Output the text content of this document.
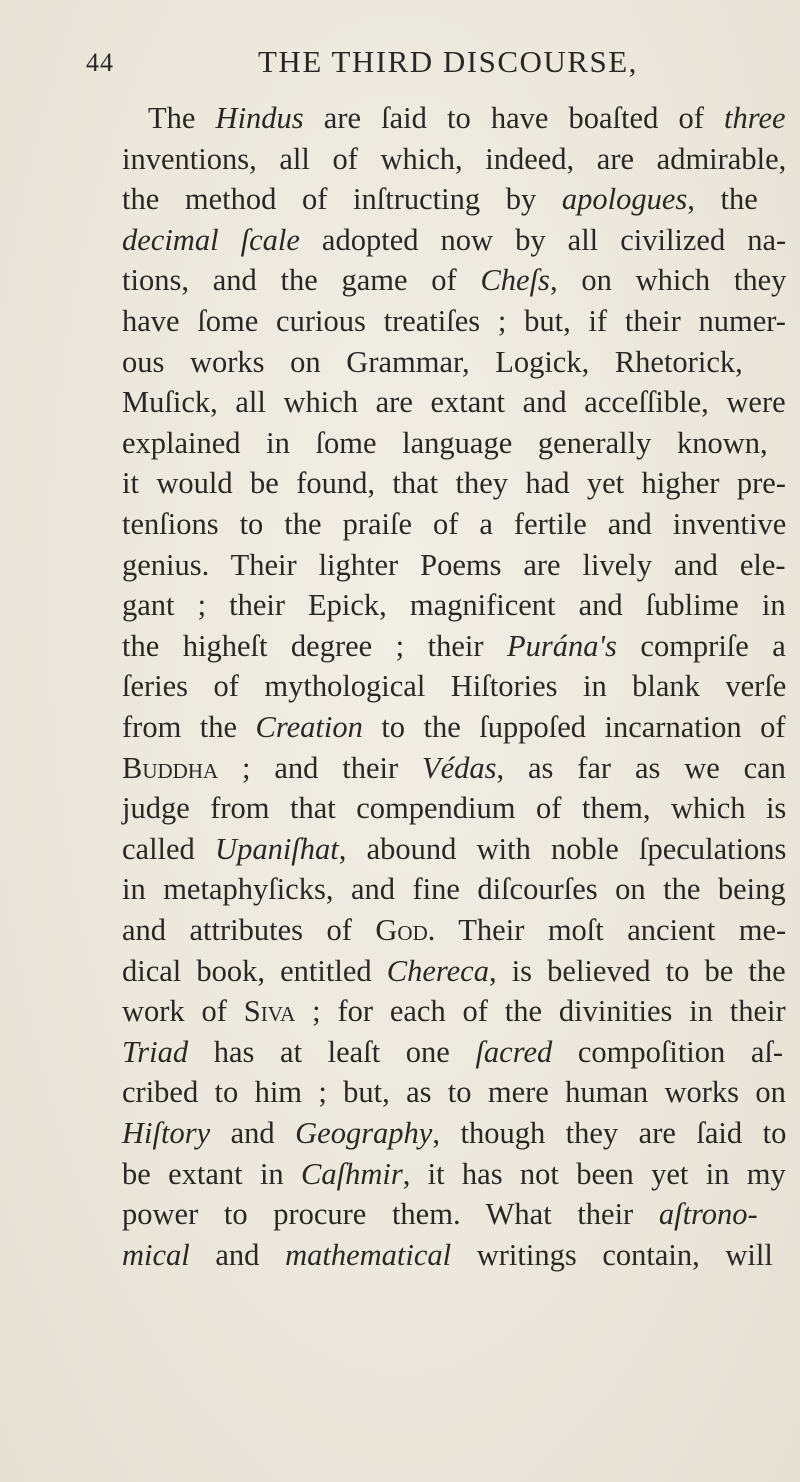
44	THE THIRD DISCOURSE,
The Hindus are ſaid to have boaſted of three
inventions, all of which, indeed, are admirable,
the method of inſtructing by apologues, the
decimal ſcale adopted now by all civilized na-
tions, and the game of Cheſs, on which they
have ſome curious treatiſes ; but, if their numer-
ous works on Grammar, Logick, Rhetorick,
Muſick, all which are extant and acceſſible, were
explained in ſome language generally known,
it would be found, that they had yet higher pre-
tenſions to the praiſe of a fertile and inventive
genius. Their lighter Poems are lively and ele-
gant ; their Epick, magnificent and ſublime in
the higheſt degree ; their Purána's compriſe a
ſeries of mythological Hiſtories in blank verſe
from the Creation to the ſuppoſed incarnation of
Buddha ; and their Védas, as far as we can
judge from that compendium of them, which is
called Upaniſhat, abound with noble ſpeculations
in metaphyſicks, and fine diſcourſes on the being
and attributes of God. Their moſt ancient me-
dical book, entitled Chereca, is believed to be the
work of Siva ; for each of the divinities in their
Triad has at leaſt one ſacred compoſition aſ-
cribed to him ; but, as to mere human works on
Hiſtory and Geography, though they are ſaid to
be extant in Caſhmir, it has not been yet in my
power to procure them. What their aſtrono-
mical and mathematical writings contain, will
